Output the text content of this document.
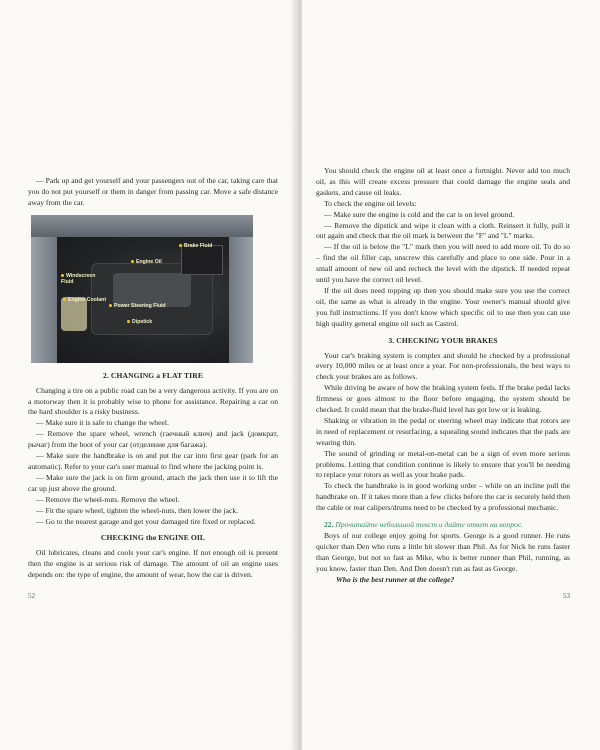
— Park up and get yourself and your passengers out of the car, taking care that you do not put yourself or them in danger from passing car. Move a safe distance away from the car.

Brake Fluid
Engine Oil
Windscreen Fluid
Engine Coolant
Power Steering Fluid
Dipstick
2. CHANGING a FLAT TIRE

Changing a tire on a public road can be a very dangerous activity. If you are on a motorway then it is probably wise to phone for assistance. Repairing a car on the hard shoulder is a risky business.

— Make sure it is safe to change the wheel.

— Remove the spare wheel, wrench (гаечный ключ) and jack (домкрат, рычаг) from the boot of your car (отделение для багажа).

— Make sure the handbrake is on and put the car into first gear (park for an automatic). Refer to your car's user manual to find where the jacking point is.

— Make sure the jack is on firm ground, attach the jack then use it to lift the car up just above the ground.

— Remove the wheel-nuts. Remove the wheel.

— Fit the spare wheel, tighten the wheel-nuts, then lower the jack.

— Go to the nearest garage and get your damaged tire fixed or replaced.

CHECKING the ENGINE OIL

Oil lubricates, cleans and cools your car's engine. If not enough oil is present then the engine is at serious risk of damage. The amount of oil an engine uses depends on: the type of engine, the amount of wear, how the car is driven.

52

You should check the engine oil at least once a fortnight. Never add too much oil, as this will create excess pressure that could damage the engine seals and gaskets, and cause oil leaks.

To check the engine oil levels:

— Make sure the engine is cold and the car is on level ground.

— Remove the dipstick and wipe it clean with a cloth. Reinsert it fully, pull it out again and check that the oil mark is between the "F" and "L" marks.

— If the oil is below the "L" mark then you will need to add more oil. To do so – find the oil filler cap, unscrew this carefully and place to one side. Pour in a small amount of new oil and recheck the level with the dipstick. If needed repeat until you have the correct oil level.

If the oil does need topping up then you should make sure you use the correct oil, the same as what is already in the engine. Your owner's manual should give you full instructions. If you don't know which specific oil to use then you can use high quality general engine oil such as Castrol.

3. CHECKING YOUR BRAKES

Your car's braking system is complex and should be checked by a professional every 10,000 miles or at least once a year. For non-professionals, the best ways to check your brakes are as follows.

While driving be aware of how the braking system feels. If the brake pedal lacks firmness or goes almost to the floor before engaging, the system should be checked. It could mean that the brake-fluid level has got low or is leaking.

Shaking or vibration in the pedal or steering wheel may indicate that rotors are in need of replacement or resurfacing, a squealing sound indicates that the pads are wearing thin.

The sound of grinding or metal-on-metal can be a sign of even more serious problems. Letting that condition continue is likely to ensure that you'll be needing to replace your rotors as well as your brake pads.

To check the handbrake is in good working order – while on an incline pull the handbrake on. If it takes more than a few clicks before the car is securely held then the cable or rear calipers/drums need to be checked by a professional mechanic.

22. Прочитайте небольшой текст и дайте ответ на вопрос.

Boys of our college enjoy going for sports. George is a good runner. He runs quicker than Den who runs a little bit slower than Phil. As for Nick he runs faster than George, but not so fast as Mike, who is better runner than Phil, running, as you know, faster than Den. And Den doesn't run as fast as George.

Who is the best runner at the college?

53
